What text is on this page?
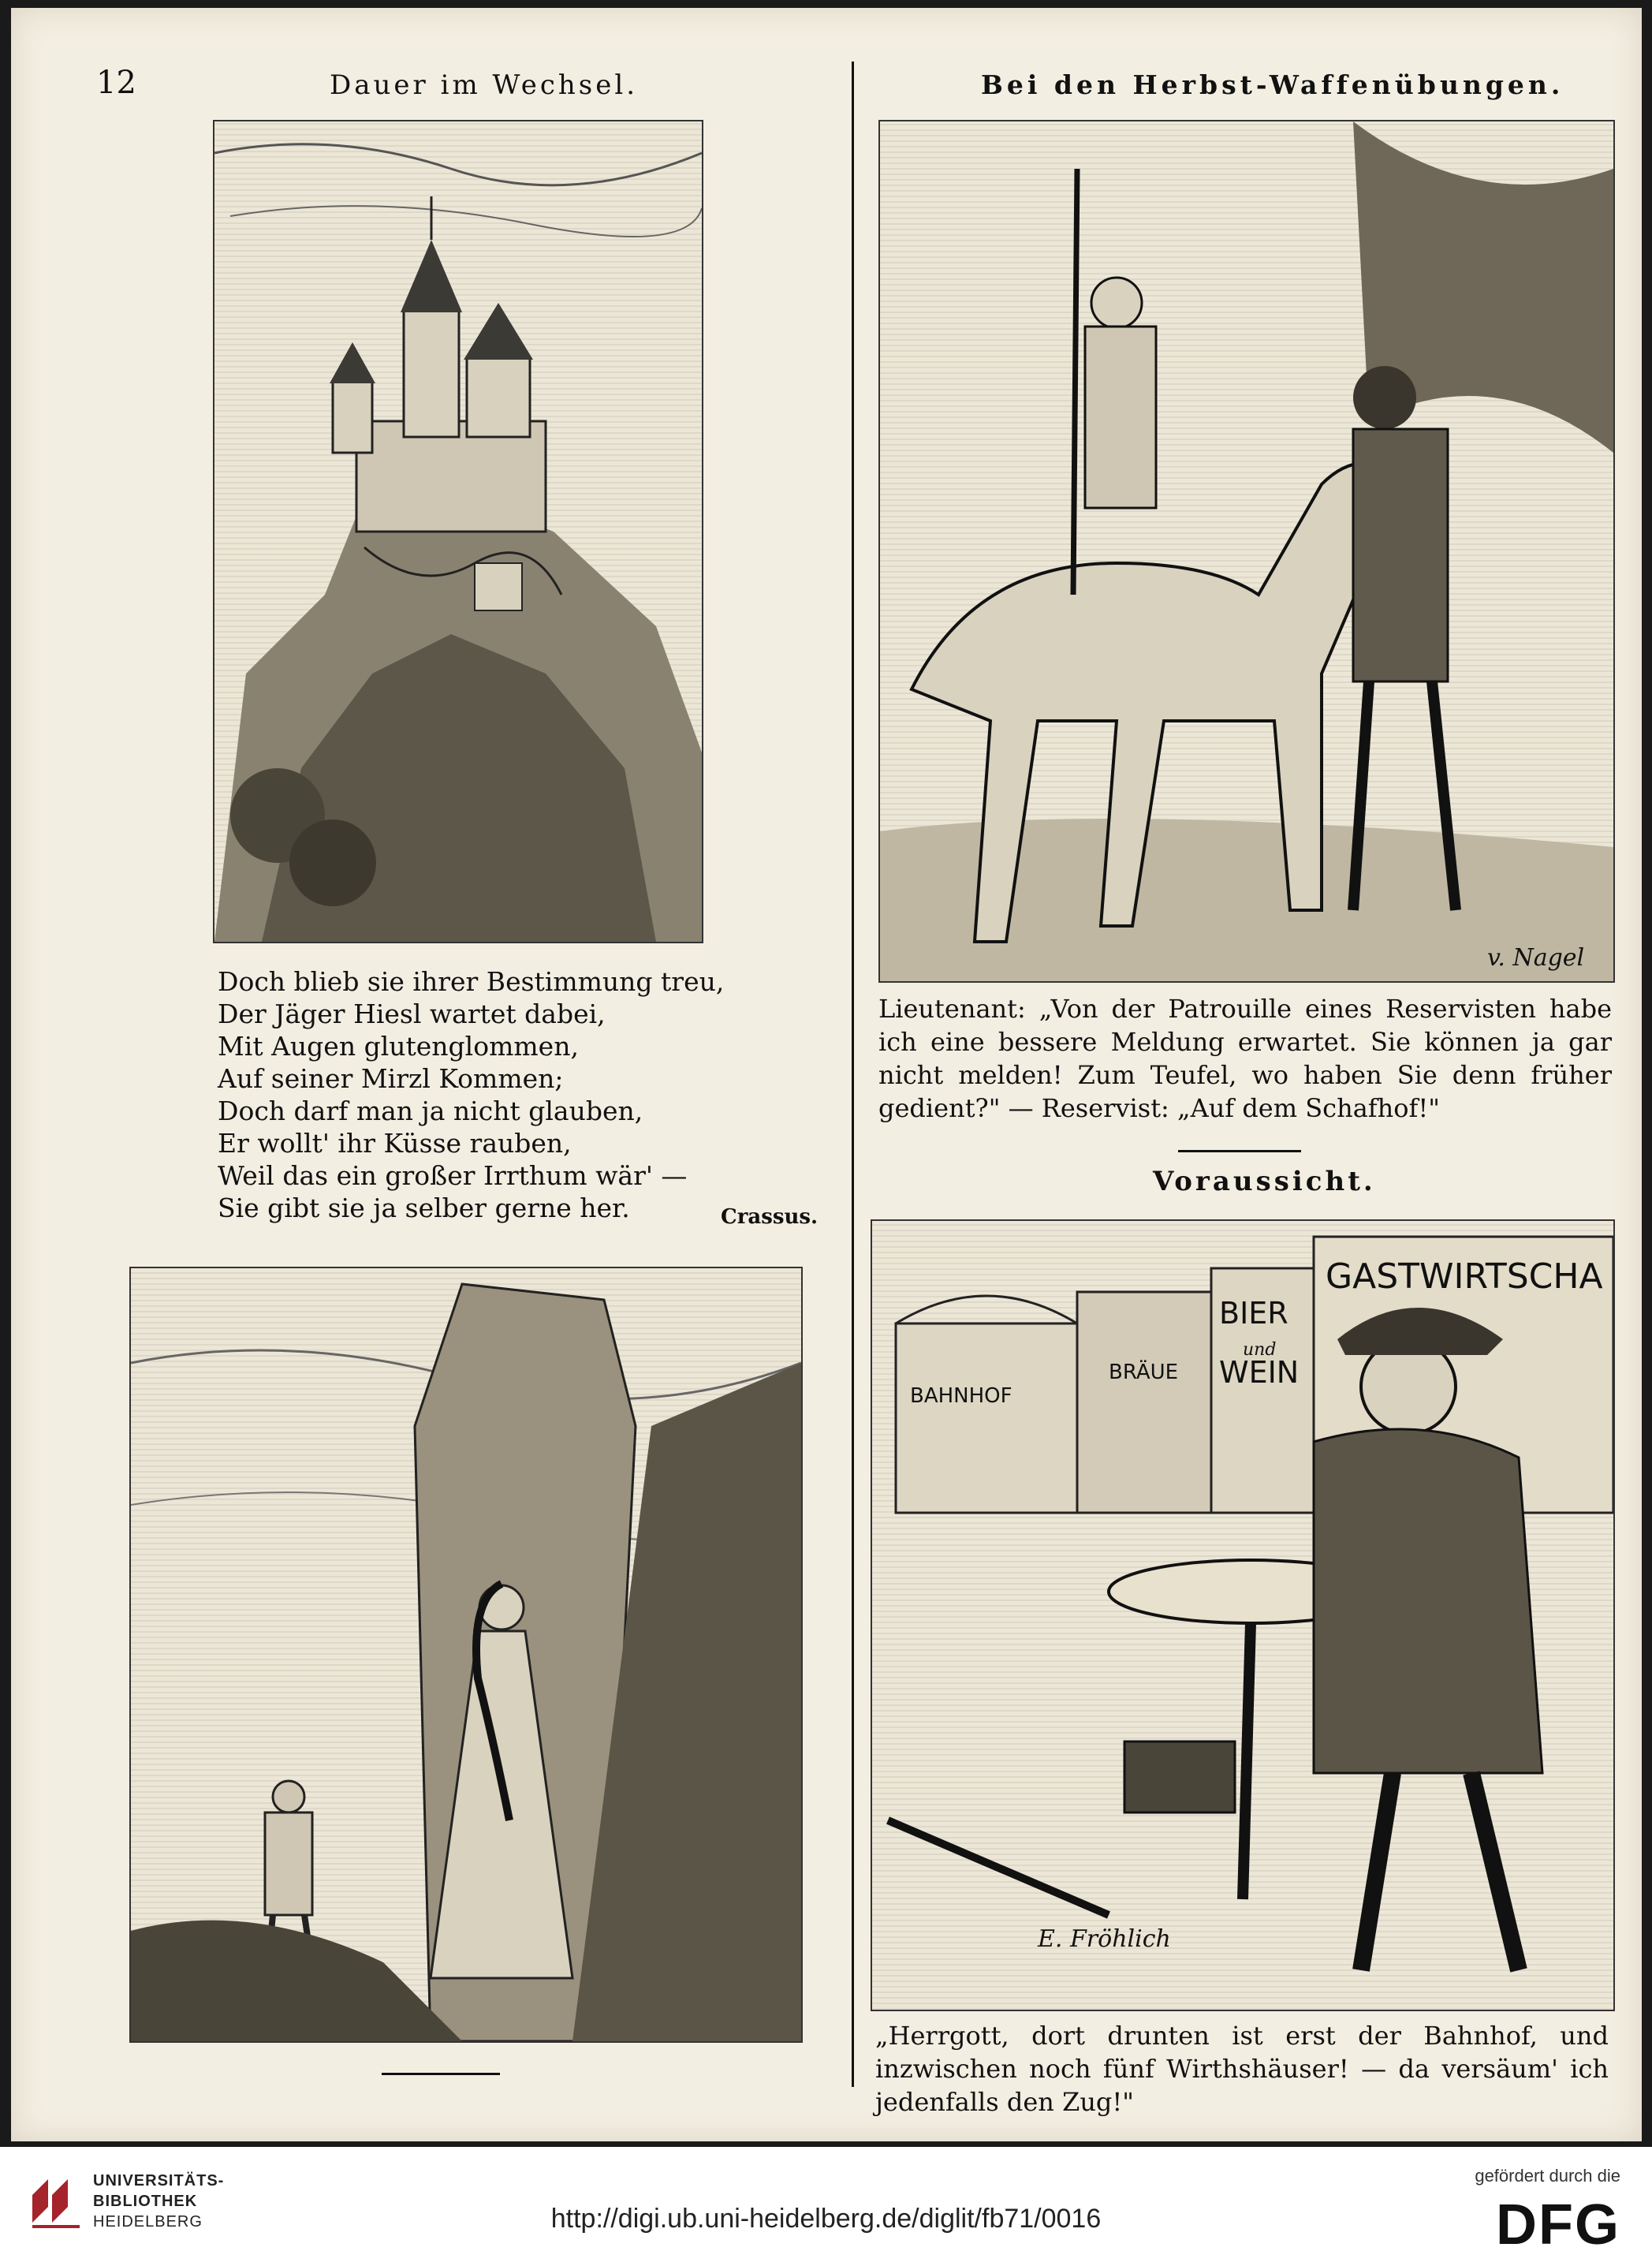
12	Dauer im Wechsel.	Bei den Herbst-Waffenübungen.

Doch blieb sie ihrer Bestimmung treu,

Der Jäger Hiesl wartet dabei,

Mit Augen glutenglommen,

Auf seiner Mirzl Kommen;

Doch darf man ja nicht glauben,

Er wollt' ihr Küsse rauben,

Weil das ein großer Irrthum wär' —

Sie gibt sie ja selber gerne her.	Crassus.
v. Nagel
Lieutenant: „Von der Patrouille eines Reservisten habe ich eine bessere Meldung erwartet. Sie können ja gar nicht melden! Zum Teufel, wo haben Sie denn früher gedient?" — Reservist: „Auf dem Schafhof!"
Voraussicht.
GASTWIRTSCHA
BIER
und
WEIN
BRÄUE
BAHNHOF
E. Fröhlich
„Herrgott, dort drunten ist erst der Bahnhof, und inzwischen noch fünf Wirthshäuser! — da versäum' ich jedenfalls den Zug!"
UNIVERSITÄTS-
BIBLIOTHEK
HEIDELBERG	http://digi.ub.uni-heidelberg.de/diglit/fb71/0016
gefördert durch die
DFG
